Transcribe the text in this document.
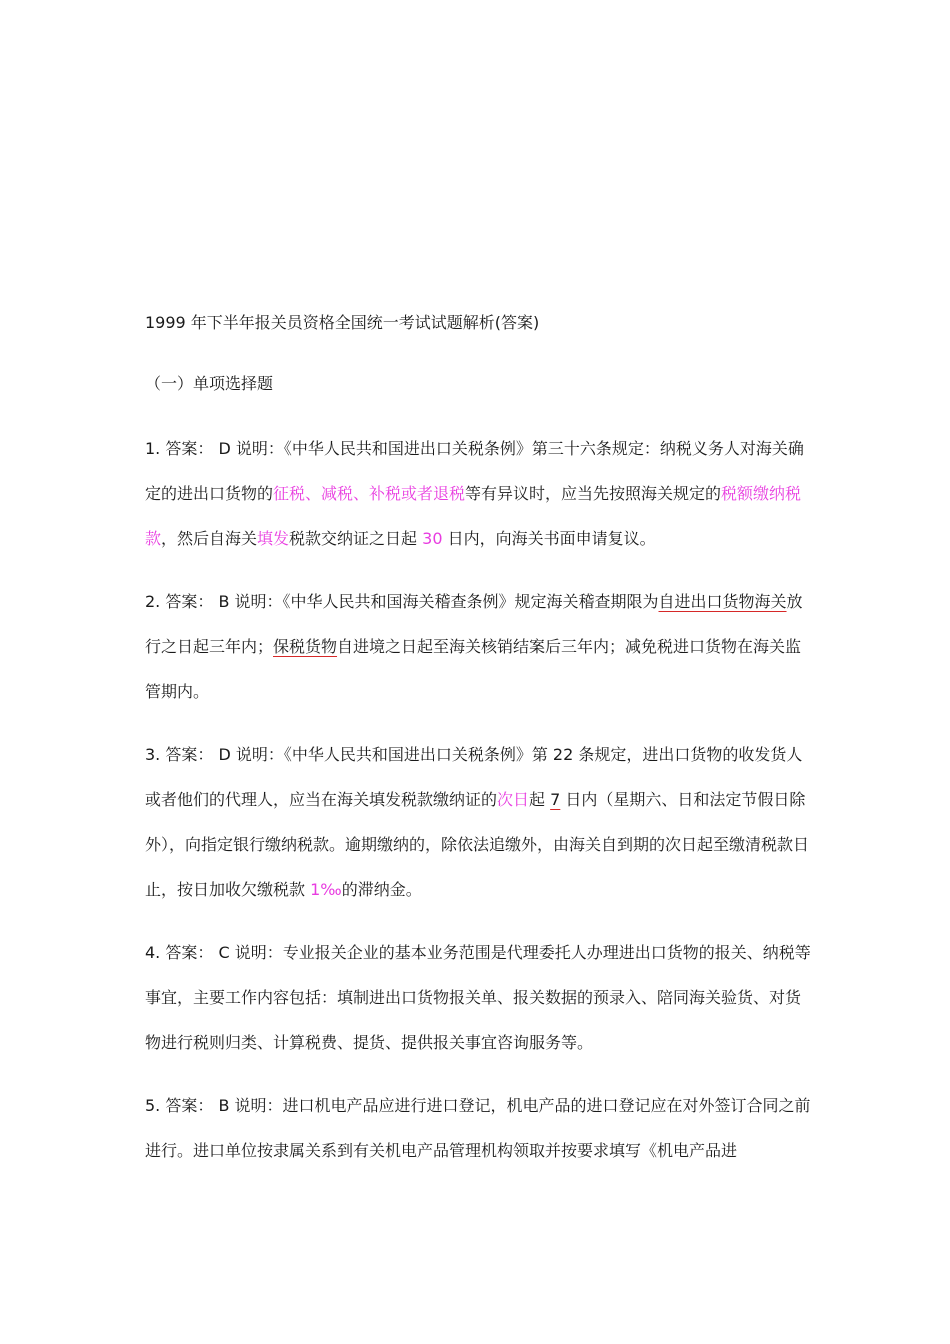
1999 年下半年报关员资格全国统一考试试题解析(答案)
（一）单项选择题

1. 答案： D 说明：《中华人民共和国进出口关税条例》第三十六条规定：纳税义务人对海关确定的进出口货物的征税、减税、补税或者退税等有异议时，应当先按照海关规定的税额缴纳税款，然后自海关填发税款交纳证之日起 30 日内，向海关书面申请复议。

2. 答案： B 说明：《中华人民共和国海关稽查条例》规定海关稽查期限为自进出口货物海关放行之日起三年内；保税货物自进境之日起至海关核销结案后三年内；减免税进口货物在海关监管期内。

3. 答案： D 说明：《中华人民共和国进出口关税条例》第 22 条规定，进出口货物的收发货人或者他们的代理人，应当在海关填发税款缴纳证的次日起 7 日内（星期六、日和法定节假日除外），向指定银行缴纳税款。逾期缴纳的，除依法追缴外，由海关自到期的次日起至缴清税款日止，按日加收欠缴税款 1‰的滞纳金。

4. 答案： C 说明：专业报关企业的基本业务范围是代理委托人办理进出口货物的报关、纳税等事宜，主要工作内容包括：填制进出口货物报关单、报关数据的预录入、陪同海关验货、对货物进行税则归类、计算税费、提货、提供报关事宜咨询服务等。

5. 答案： B 说明：进口机电产品应进行进口登记，机电产品的进口登记应在对外签订合同之前进行。进口单位按隶属关系到有关机电产品管理机构领取并按要求填写《机电产品进
